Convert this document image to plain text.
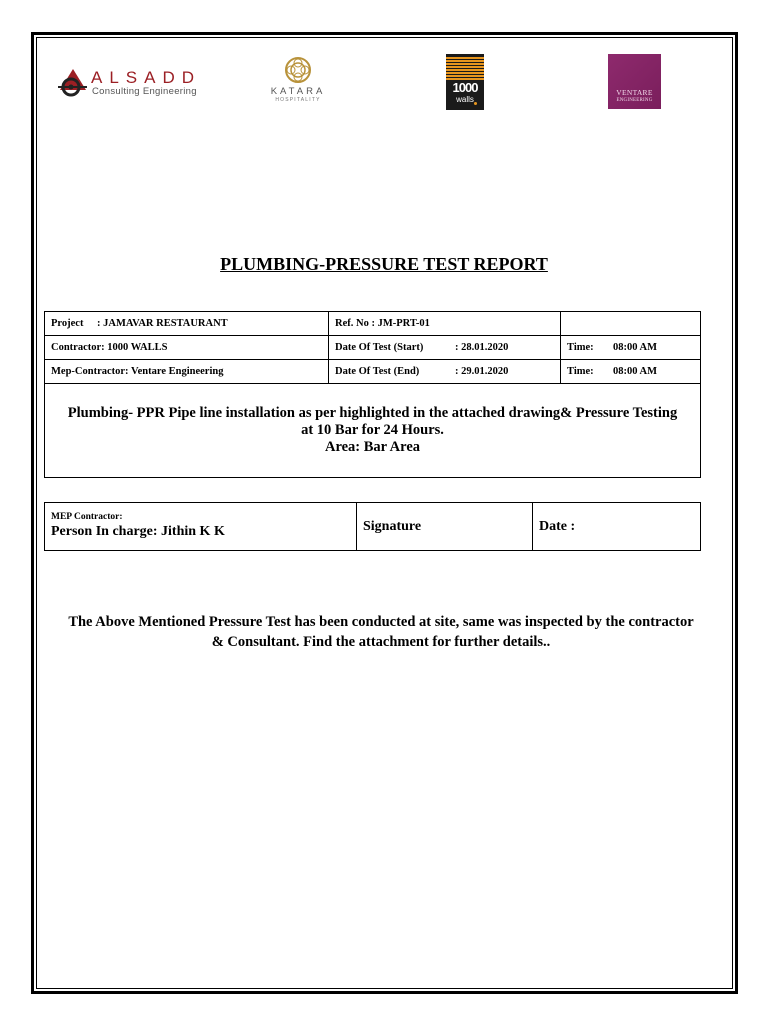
ALSADD
Consulting Engineering	KATARA
HOSPITALITY
1000
walls
VENTARE
ENGINEERING
PLUMBING-PRESSURE TEST REPORT
Project : JAMAVAR RESTAURANT	Ref. No : JM-PRT-01	
Contractor: 1000 WALLS	Date Of Test (Start) : 28.01.2020	Time: 08:00 AM
Mep-Contractor: Ventare Engineering	Date Of Test (End) : 29.01.2020	Time: 08:00 AM

Plumbing- PPR Pipe line installation as per highlighted in the attached drawing& Pressure Testing
at 10 Bar for 24 Hours.
Area: Bar Area		
MEP Contractor:
Person In charge: Jithin K K	Signature	Date :
The Above Mentioned Pressure Test has been conducted at site, same was inspected by the contractor
& Consultant. Find the attachment for further details..
